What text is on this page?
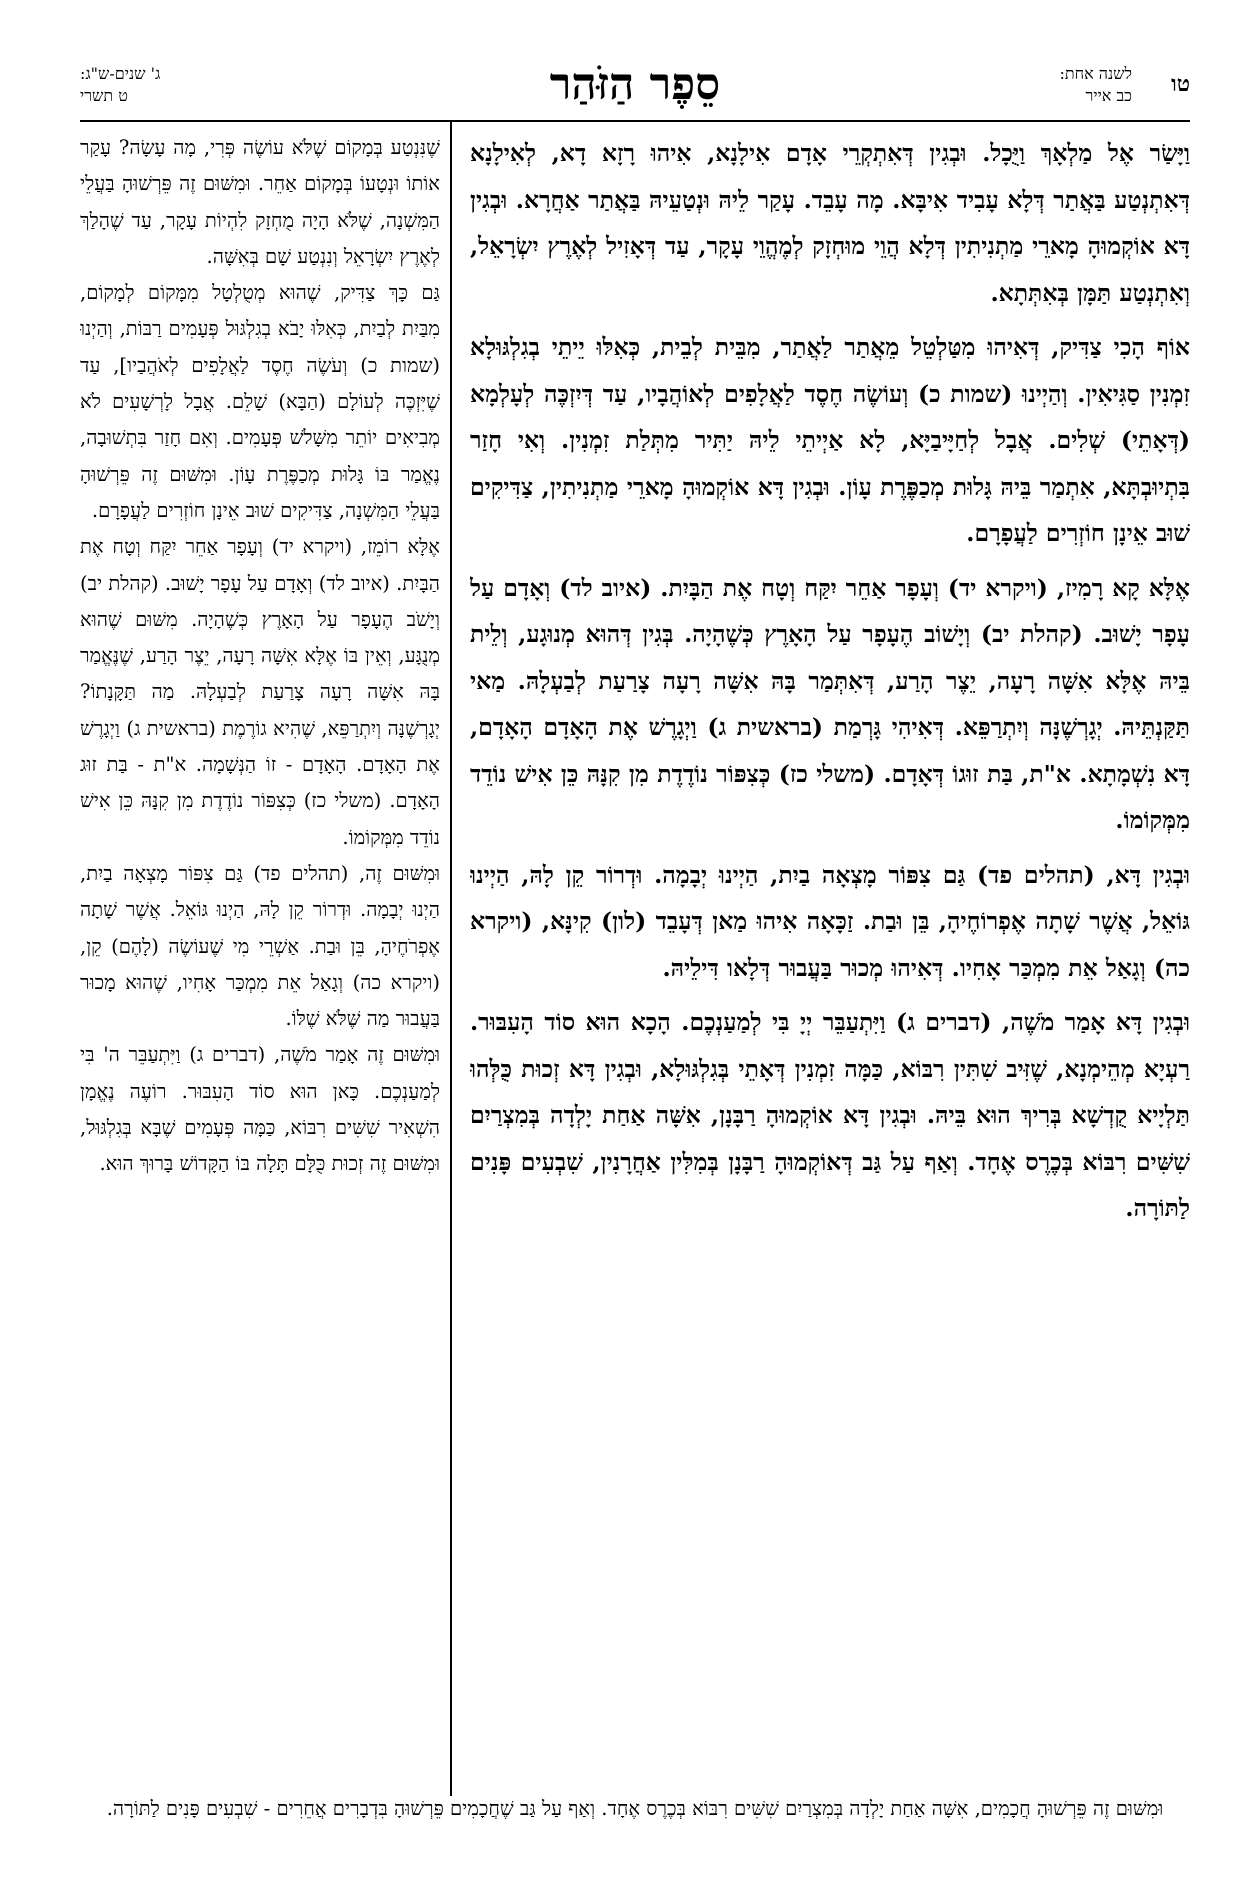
טו
לשנה אחת:
כב אייר
סֵפֶר הַזֹּהַר
ג' שנים-ש"ג:
ט תשרי

וַיָּשַׂר אֶל מַלְאָךְ וַיֻּכָל. וּבְגִין דְּאִתְקְרֵי אָדָם אִילָנָא, אִיהוּ רָזָא דָא, לְאִילָנָא דְּאִתְנְטַע בַּאֲתַר דְּלָא עָבִיד אִיבָּא. מָה עָבֵד. עָקַר לֵיהּ וּנְטַעֵיהּ בַּאֲתַר אַחֲרָא. וּבְגִין דָּא אוֹקְמוּהָ מָארֵי מַתְנִיתִין דְּלָא הֲוֵי מוּחְזָק לְמֶהֱוֵי עָקָר, עַד דְּאָזִיל לְאֶרֶץ יִשְׂרָאֵל, וְאִתְנְטַע תַּמָּן בְּאִתְּתָא.

אוֹף הָכִי צַדִּיק, דְּאִיהוּ מִטַּלְטֵל מֵאֲתַר לַאֲתַר, מִבֵּית לְבֵית, כְּאִלּוּ יֵיתֵי בְגִלְגּוּלָא זִמְנִין סַגִּיאִין. וְהַיְינוּ (שמות כ) וְעוֹשֶׂה חֶסֶד לַאֲלָפִים לְאוֹהֲבָיו, עַד דְּיִזְכֶּה לְעָלְמָא (דְּאָתֵי) שְׁלִים. אֲבָל לְחַיָּיבַיָּא, לָא אַיְיתֵי לֵיהּ יַתִּיר מִתְּלַת זִמְנִין. וְאִי חָזַר בִּתְיוּבְתָּא, אִתְמַר בֵּיהּ גָּלוּת מְכַפֶּרֶת עָוֹן. וּבְגִין דָּא אוֹקְמוּהָ מָארֵי מַתְנִיתִין, צַדִּיקִים שׁוּב אֵינָן חוֹזְרִים לַעֲפָרָם.

אֶלָּא קָא רָמִיז, (ויקרא יד) וְעָפָר אַחֵר יִקַּח וְטָח אֶת הַבָּיִת. (איוב לד) וְאָדָם עַל עָפָר יָשׁוּב. (קהלת יב) וְיָשׁוֹב הֶעָפָר עַל הָאָרֶץ כְּשֶׁהָיָה. בְּגִין דְּהוּא מְנוּגָע, וְלֵית בֵּיהּ אֶלָּא אִשָּׁה רָעָה, יֵצֶר הָרַע, דְּאִתְּמַר בָּהּ אִשָּׁה רָעָה צָרַעַת לְבַעְלָהּ. מַאי תַּקַּנְתֵּיהּ. יְגָרְשֶׁנָּה וְיִתְרַפֵּא. דְּאִיהִי גָּרְמַת (בראשית ג) וַיְגָרֶשׁ אֶת הָאָדָם הָאָדָם, דָּא נִשְׁמָתָא. א"ת, בַּת זוּגוֹ דְּאָדָם. (משלי כז) כְּצִפּוֹר נוֹדֶדֶת מִן קִנָּהּ כֵּן אִישׁ נוֹדֵד מִמְּקוֹמוֹ.

וּבְגִין דָּא, (תהלים פד) גַּם צִפּוֹר מָצְאָה בַיִת, הַיְינוּ יְבָמָה. וּדְרוֹר קֵן לָהּ, הַיְינוּ גּוֹאֵל, אֲשֶׁר שָׁתָה אֶפְרוֹחֶיהָ, בֵּן וּבַת. זַכָּאָה אִיהוּ מַאן דְּעָבֵד (לון) קִינָּא, (ויקרא כה) וְגָאַל אֵת מִמְכַּר אָחִיו. דְּאִיהוּ מְכוּר בַּעֲבוּר דְּלָאו דִּילֵיהּ.

וּבְגִין דָּא אָמַר מֹשֶׁה, (דברים ג) וַיִּתְעַבֵּר יְיָ בִּי לְמַעַנְכֶם. הָכָא הוּא סוֹד הָעִבּוּר. רַעְיָא מְהֵימְנָא, שֶׁזִּיב שִׁתִּין רִבּוֹא, כַּמָּה זִמְנִין דְּאָתֵי בְּגִלְגּוּלָא, וּבְגִין דָּא זְכוּת כֻּלְּהוּ תַּלְיָיא קֻדְשָׁא בְּרִיךְ הוּא בֵּיהּ. וּבְגִין דָּא אוֹקְמוּהָ רַבָּנָן, אִשָּׁה אַחַת יָלְדָה בְּמִצְרַיִם שִׁשִּׁים רִבּוֹא בְּכֶרֶס אֶחָד. וְאַף עַל גַּב דְּאוֹקְמוּהָ רַבָּנָן בְּמִלִּין אַחֲרָנִין, שִׁבְעִים פָּנִים לַתּוֹרָה.

שֶׁנִּנְטַע בְּמָקוֹם שֶׁלֹּא עוֹשֶׂה פְּרִי, מָה עָשָׂה? עָקַר אוֹתוֹ וּנְטָעוֹ בְּמָקוֹם אַחֵר. וּמִשּׁוּם זֶה פֵּרְשׁוּהָ בַּעֲלֵי הַמִּשְׁנָה, שֶׁלֹּא הָיָה מֻחְזָק לִהְיוֹת עָקָר, עַד שֶׁהָלַךְ לְאֶרֶץ יִשְׂרָאֵל וְנִנְטַע שָׁם בְּאִשָּׁה.

גַּם כָּךְ צַדִּיק, שֶׁהוּא מְטֻלְטָל מִמָּקוֹם לְמָקוֹם, מִבַּיִת לְבַיִת, כְּאִלּוּ יָבֹא בְגִלְגּוּל פְּעָמִים רַבּוֹת, וְהַיְנוּ (שמות כ) וְעֹשֶׂה חֶסֶד לַאֲלָפִים לְאֹהֲבַיו], עַד שֶׁיִּזְכֶּה לְעוֹלָם (הַבָּא) שָׁלֵם. אֲבָל לָרְשָׁעִים לֹא מְבִיאִים יוֹתֵר מִשָּׁלֹשׁ פְּעָמִים. וְאִם חָזַר בִּתְשׁוּבָה, נֶאֱמַר בּוֹ גָּלוּת מְכַפֶּרֶת עָוֹן. וּמִשּׁוּם זֶה פֵּרְשׁוּהָ בַּעֲלֵי הַמִּשְׁנָה, צַדִּיקִים שׁוּב אֵינָן חוֹזְרִים לַעֲפָרָם.

אֶלָּא רוֹמֵז, (ויקרא יד) וְעָפָר אַחֵר יִקַּח וְטָח אֶת הַבָּיִת. (איוב לד) וְאָדָם עַל עָפָר יָשׁוּב. (קהלת יב) וְיָשֹׁב הֶעָפָר עַל הָאָרֶץ כְּשֶׁהָיָה. מִשּׁוּם שֶׁהוּא מְנֻגָּע, וְאֵין בּוֹ אֶלָּא אִשָּׁה רָעָה, יֵצֶר הָרַע, שֶׁנֶּאֱמַר בָּהּ אִשָּׁה רָעָה צָרַעַת לְבַעְלָהּ. מַה תַּקָּנָתוֹ? יְגָרְשֶׁנָּה וְיִתְרַפֵּא, שֶׁהִיא גוֹרֶמֶת (בראשית ג) וַיְגָרֶשׁ אֶת הָאָדָם. הָאָדָם - זוֹ הַנְּשָׁמָה. א"ת - בַּת זוּג הָאָדָם. (משלי כז) כְּצִפּוֹר נוֹדֶדֶת מִן קִנָּהּ כֵּן אִישׁ נוֹדֵד מִמְּקוֹמוֹ.

וּמִשּׁוּם זֶה, (תהלים פד) גַּם צִפּוֹר מָצְאָה בַיִת, הַיְנוּ יְבָמָה. וּדְרוֹר קֵן לָהּ, הַיְנוּ גּוֹאֵל. אֲשֶׁר שָׁתָה אֶפְרֹחֶיהָ, בֵּן וּבַת. אַשְׁרֵי מִי שֶׁעוֹשֶׂה (לָהֶם) קֵן, (ויקרא כה) וְגָאַל אֵת מִמְכַּר אָחִיו, שֶׁהוּא מָכוּר בַּעֲבוּר מַה שֶּׁלֹּא שֶׁלּוֹ.

וּמִשּׁוּם זֶה אָמַר מֹשֶׁה, (דברים ג) וַיִּתְעַבֵּר ה' בִּי לְמַעַנְכֶם. כָּאן הוּא סוֹד הָעִבּוּר. רוֹעֶה נֶאֱמָן הִשְׁאִיר שִׁשִּׁים רִבּוֹא, כַּמָּה פְּעָמִים שֶׁבָּא בְּגִלְגּוּל, וּמִשּׁוּם זֶה זְכוּת כֻּלָּם תָּלָה בּוֹ הַקָּדוֹשׁ בָּרוּךְ הוּא.

וּמִשּׁוּם זֶה פֵּרְשׁוּהָ חֲכָמִים, אִשָּׁה אַחַת יָלְדָה בְּמִצְרַיִם שִׁשִּׁים רִבּוֹא בְּכֶרֶס אֶחָד. וְאַף עַל גַּב שֶׁחֲכָמִים פֵּרְשׁוּהָ בִּדְבָרִים אֲחֵרִים - שִׁבְעִים פָּנִים לַתּוֹרָה.
